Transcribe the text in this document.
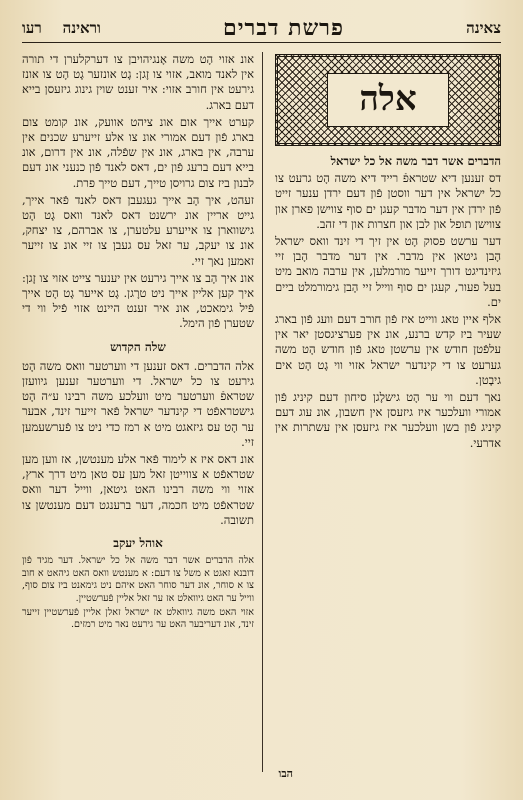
צאינה
פרשת דברים
וראינה    רעו
אלה

הדברים אשר דבר משה אל כל ישראל

דס זענען דיא שטראפֿ רייד דיא משה הָט גרעט צו כל ישראל אין דער ווסטן פֿון דעם ירדן ענער זייט פֿון ירדן אין דער מדבר קעגן ים סוף צווישן פארן און צווישן תופל און לבן און חצרות און די זהב.

דער ערשט פסוק הָט אין זיך די זינד וואס ישראל הָבן גיטאן אין מדבר. אין דער מדבר הָבן זיי גיזינדיגט דורך זייער מורמלען, אין ערבה מואב מיט בעל פעור, קעגן ים סוף ווייל זיי הָבן גימורמלט ביים ים.

אלף איין טאג ווייט איז פֿון חורב דעם וועג פֿון בארג שעיר ביז קדש ברנע, אונ אין פערציגסטן יאר אין עלפֿטן חודש אין ערשטן טאג פֿון חודש הָט משה גערעט צו די קינדער ישראל אזוי ווי גָט הָט אים גיבָטן.

נאך דעם ווי ער הָט גישלָגן סיחון דעם קיניג פֿון אמורי וועלכער איז גיזעסן אין חשבון, אונ עוג דעם קיניג פֿון בשן וועלכער איז גיזעסן אין עשתרות אין אדרעי.

אונ אזוי הָט משה אָנגיהויבן צו דערקלערן די תורה אין לאנד מואב, אזוי צו זָגן: גָט אונזער גָט הָט צו אונז גירעט אין חורב אזוי: איר זענט שוין גינוג גיזעסן בייא דעם בארג.

קערט אייך אום אונ ציהט אוועק, אונ קומט צום בארג פֿון דעם אמורי אונ צו אלע זייערע שכנים אין ערבה, אין בארג, אונ אין שפֿלה, אונ אין דרום, אונ בייא דעם ברעג פֿון ים, דאס לאנד פֿון כנעני אונ דעם לבנון ביז צום גרויסן טייך, דעם טייך פרת.

זעהט, איך הָב אייך געגעבן דאס לאנד פֿאר אייך, גייט אריין אונ ירשנט דאס לאנד וואס גָט הָט גישווארן צו אייערע עלטערן, צו אברהם, צו יצחק, אונ צו יעקב, ער זאל עס געבן צו זיי אונ צו זייער זאמען נאך זיי.

אונ איך הָב צו אייך גירעט אין יענער צייט אזוי צו זָגן: איך קען אליין אייך ניט טרָגן. גָט אייער גָט הָט אייך פֿיל גימאכט, אונ איר זענט היינט אזוי פֿיל ווי די שטערן פֿון הימל.

שלה הקדוש

אלה הדברים. דאס זענען די ווערטער וואס משה הָט גירעט צו כל ישראל. די ווערטער זענען גיוועזן שטראפֿ ווערטער מיט וועלכע משה רבינו ע״ה הָט גישטראפֿט די קינדער ישראל פֿאר זייער זינד, אבער ער הָט עס גיזאגט מיט א רמז כדי ניט צו פֿערשעמען זיי.

אונ דאס איז א לימוד פֿאר אלע מענטשן, אז ווען מען שטראפֿט א צווייטן זאל מען עס טאן מיט דרך ארץ, אזוי ווי משה רבינו האט גיטאן, ווייל דער וואס שטראפֿט מיט חכמה, דער ברענגט דעם מענטשן צו תשובה.

אוהל יעקב

אלה הדברים אשר דבר משה אל כל ישראל. דער מגיד פֿון דובנא זאגט א משל צו דעם: א מענטש וואס האט גיהאט א חוב צו א סוחר, אונ דער סוחר האט איהם ניט גימאנט ביז צום סוף, ווייל ער האט גיוואלט אז ער זאל אליין פֿערשטיין.

אזוי האט משה גיוואלט אז ישראל זאלן אליין פֿערשטיין זייער זינד, אונ דעריבער האט ער גירעט נאר מיט רמזים.

הבו
